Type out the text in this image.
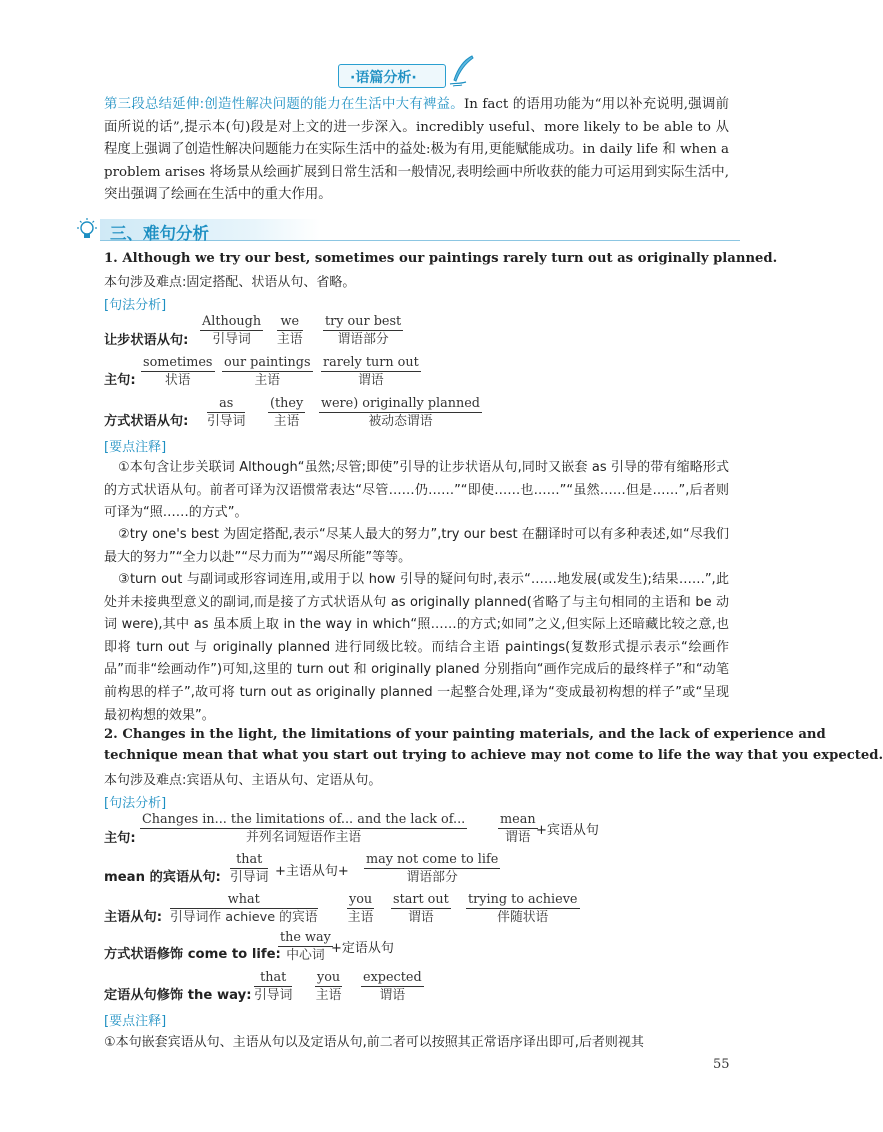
·语篇分析·

第三段总结延伸:创造性解决问题的能力在生活中大有裨益。In fact 的语用功能为“用以补充说明,强调前面所说的话”,提示本(句)段是对上文的进一步深入。incredibly useful、more likely to be able to 从程度上强调了创造性解决问题能力在实际生活中的益处:极为有用,更能赋能成功。in daily life 和 when a problem arises 将场景从绘画扩展到日常生活和一般情况,表明绘画中所收获的能力可运用到实际生活中,突出强调了绘画在生活中的重大作用。

三、难句分析
1. Although we try our best, sometimes our paintings rarely turn out as originally planned.
本句涉及难点:固定搭配、状语从句、省略。
[句法分析]
让步状语从句:
Although
引导词
we
主语
try our best
谓语部分
主句:
sometimes
状语
our paintings
主语
rarely turn out
谓语
方式状语从句:
as
引导词
(they
主语
were) originally planned
被动态谓语
[要点注释]

①本句含让步关联词 Although“虽然;尽管;即使”引导的让步状语从句,同时又嵌套 as 引导的带有缩略形式的方式状语从句。前者可译为汉语惯常表达“尽管……仍……”“即使……也……”“虽然……但是……”,后者则可译为“照……的方式”。

②try one's best 为固定搭配,表示“尽某人最大的努力”,try our best 在翻译时可以有多种表述,如“尽我们最大的努力”“全力以赴”“尽力而为”“竭尽所能”等等。

③turn out 与副词或形容词连用,或用于以 how 引导的疑问句时,表示“……地发展(或发生);结果……”,此处并未接典型意义的副词,而是接了方式状语从句 as originally planned(省略了与主句相同的主语和 be 动词 were),其中 as 虽本质上取 in the way in which“照……的方式;如同”之义,但实际上还暗藏比较之意,也即将 turn out 与 originally planned 进行同级比较。而结合主语 paintings(复数形式提示表示“绘画作品”而非“绘画动作”)可知,这里的 turn out 和 originally planed 分别指向“画作完成后的最终样子”和“动笔前构思的样子”,故可将 turn out as originally planned 一起整合处理,译为“变成最初构想的样子”或“呈现最初构想的效果”。

2. Changes in the light, the limitations of your painting materials, and the lack of experience and
technique mean that what you start out trying to achieve may not come to life the way that you expected.
本句涉及难点:宾语从句、主语从句、定语从句。
[句法分析]
主句:
Changes in... the limitations of... and the lack of...
并列名词短语作主语
mean
谓语 +宾语从句
mean 的宾语从句:
that
引导词 +主语从句+
may not come to life
谓语部分
主语从句:
what
引导词作 achieve 的宾语
you
主语
start out
谓语
trying to achieve
伴随状语
方式状语修饰 come to life:
the way
中心词 +定语从句
定语从句修饰 the way:
that
引导词
you
主语
expected
谓语
[要点注释]
①本句嵌套宾语从句、主语从句以及定语从句,前二者可以按照其正常语序译出即可,后者则视其
55
